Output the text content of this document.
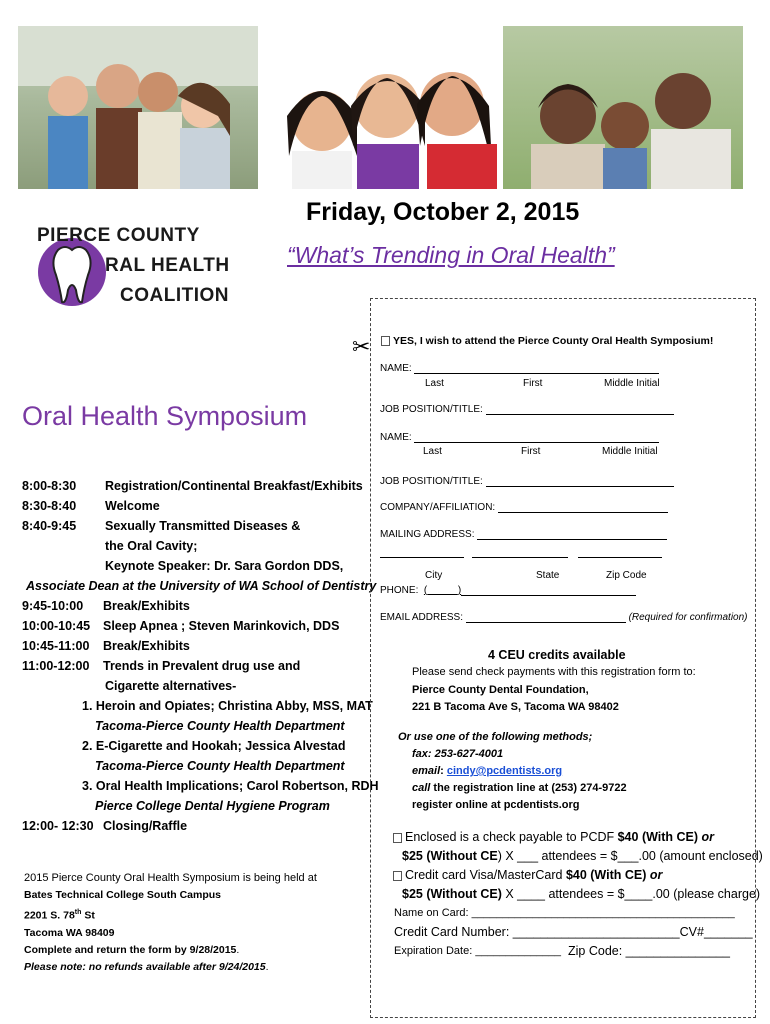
PIERCE COUNTY
RAL HEALTH
COALITION
Friday, October 2, 2015
“What’s Trending in Oral Health”
Oral Health Symposium
8:00-8:30 Registration/Continental Breakfast/Exhibits
8:30-8:40 Welcome
8:40-9:45 Sexually Transmitted Diseases &
the Oral Cavity;
Keynote Speaker: Dr. Sara Gordon DDS,
Associate Dean at the University of WA School of Dentistry
9:45-10:00 Break/Exhibits
10:00-10:45 Sleep Apnea ; Steven Marinkovich, DDS
10:45-11:00 Break/Exhibits
11:00-12:00 Trends in Prevalent drug use and
Cigarette alternatives-
1. Heroin and Opiates; Christina Abby, MSS, MAT
Tacoma-Pierce County Health Department
2. E-Cigarette and Hookah; Jessica Alvestad
Tacoma-Pierce County Health Department
3. Oral Health Implications; Carol Robertson, RDH
Pierce College Dental Hygiene Program
12:00- 12:30 Closing/Raffle
2015 Pierce County Oral Health Symposium is being held at
Bates Technical College South Campus
2201 S. 78th St
Tacoma WA 98409
Complete and return the form by 9/28/2015.
Please note: no refunds available after 9/24/2015.
✂	YES, I wish to attend the Pierce County Oral Health Symposium!
NAME:
Last	First	Middle Initial
JOB POSITION/TITLE:
NAME:
Last	First	Middle Initial
JOB POSITION/TITLE:
COMPANY/AFFILIATION:
MAILING ADDRESS:
City	State	Zip Code
PHONE:  (	)
EMAIL ADDRESS:	(Required for confirmation)
4 CEU credits available
Please send check payments with this registration form to:
Pierce County Dental Foundation,
221 B Tacoma Ave S, Tacoma WA 98402
Or use one of the following methods;
fax: 253-627-4001
email: cindy@pcdentists.org
call the registration line at (253) 274-9722
register online at pcdentists.org
Enclosed is a check payable to PCDF $40 (With CE) or
$25 (Without CE) X ___ attendees = $___.00 (amount enclosed)
Credit card Visa/MasterCard $40 (With CE) or
$25 (Without CE) X ____ attendees = $____.00 (please charge)
Name on Card: ___________________________________________
Credit Card Number: ________________________CV#_______
Expiration Date: ______________ Zip Code: _______________
